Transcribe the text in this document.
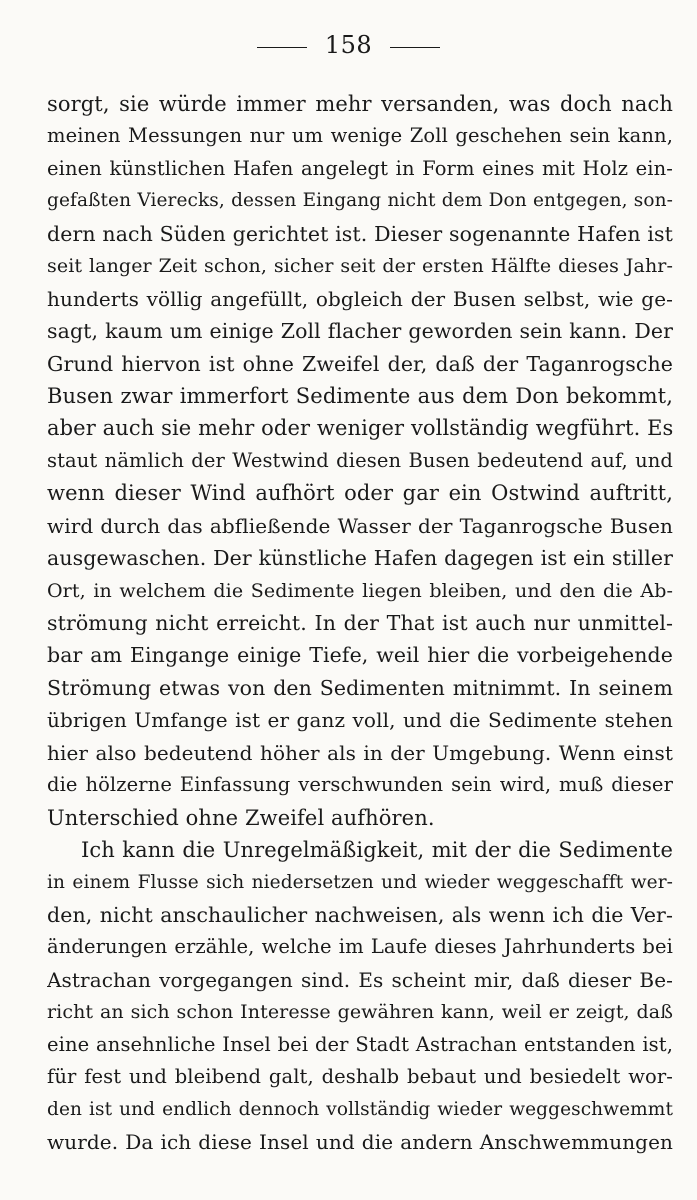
158
sorgt, sie würde immer mehr versanden, was doch nach
meinen Messungen nur um wenige Zoll geschehen sein kann,
einen künstlichen Hafen angelegt in Form eines mit Holz ein-
gefaßten Vierecks, dessen Eingang nicht dem Don entgegen, son-
dern nach Süden gerichtet ist. Dieser sogenannte Hafen ist
seit langer Zeit schon, sicher seit der ersten Hälfte dieses Jahr-
hunderts völlig angefüllt, obgleich der Busen selbst, wie ge-
sagt, kaum um einige Zoll flacher geworden sein kann. Der
Grund hiervon ist ohne Zweifel der, daß der Taganrogsche
Busen zwar immerfort Sedimente aus dem Don bekommt,
aber auch sie mehr oder weniger vollständig wegführt. Es
staut nämlich der Westwind diesen Busen bedeutend auf, und
wenn dieser Wind aufhört oder gar ein Ostwind auftritt,
wird durch das abfließende Wasser der Taganrogsche Busen
ausgewaschen. Der künstliche Hafen dagegen ist ein stiller
Ort, in welchem die Sedimente liegen bleiben, und den die Ab-
strömung nicht erreicht. In der That ist auch nur unmittel-
bar am Eingange einige Tiefe, weil hier die vorbeigehende
Strömung etwas von den Sedimenten mitnimmt. In seinem
übrigen Umfange ist er ganz voll, und die Sedimente stehen
hier also bedeutend höher als in der Umgebung. Wenn einst
die hölzerne Einfassung verschwunden sein wird, muß dieser
Unterschied ohne Zweifel aufhören.
Ich kann die Unregelmäßigkeit, mit der die Sedimente
in einem Flusse sich niedersetzen und wieder weggeschafft wer-
den, nicht anschaulicher nachweisen, als wenn ich die Ver-
änderungen erzähle, welche im Laufe dieses Jahrhunderts bei
Astrachan vorgegangen sind. Es scheint mir, daß dieser Be-
richt an sich schon Interesse gewähren kann, weil er zeigt, daß
eine ansehnliche Insel bei der Stadt Astrachan entstanden ist,
für fest und bleibend galt, deshalb bebaut und besiedelt wor-
den ist und endlich dennoch vollständig wieder weggeschwemmt
wurde. Da ich diese Insel und die andern Anschwemmungen
